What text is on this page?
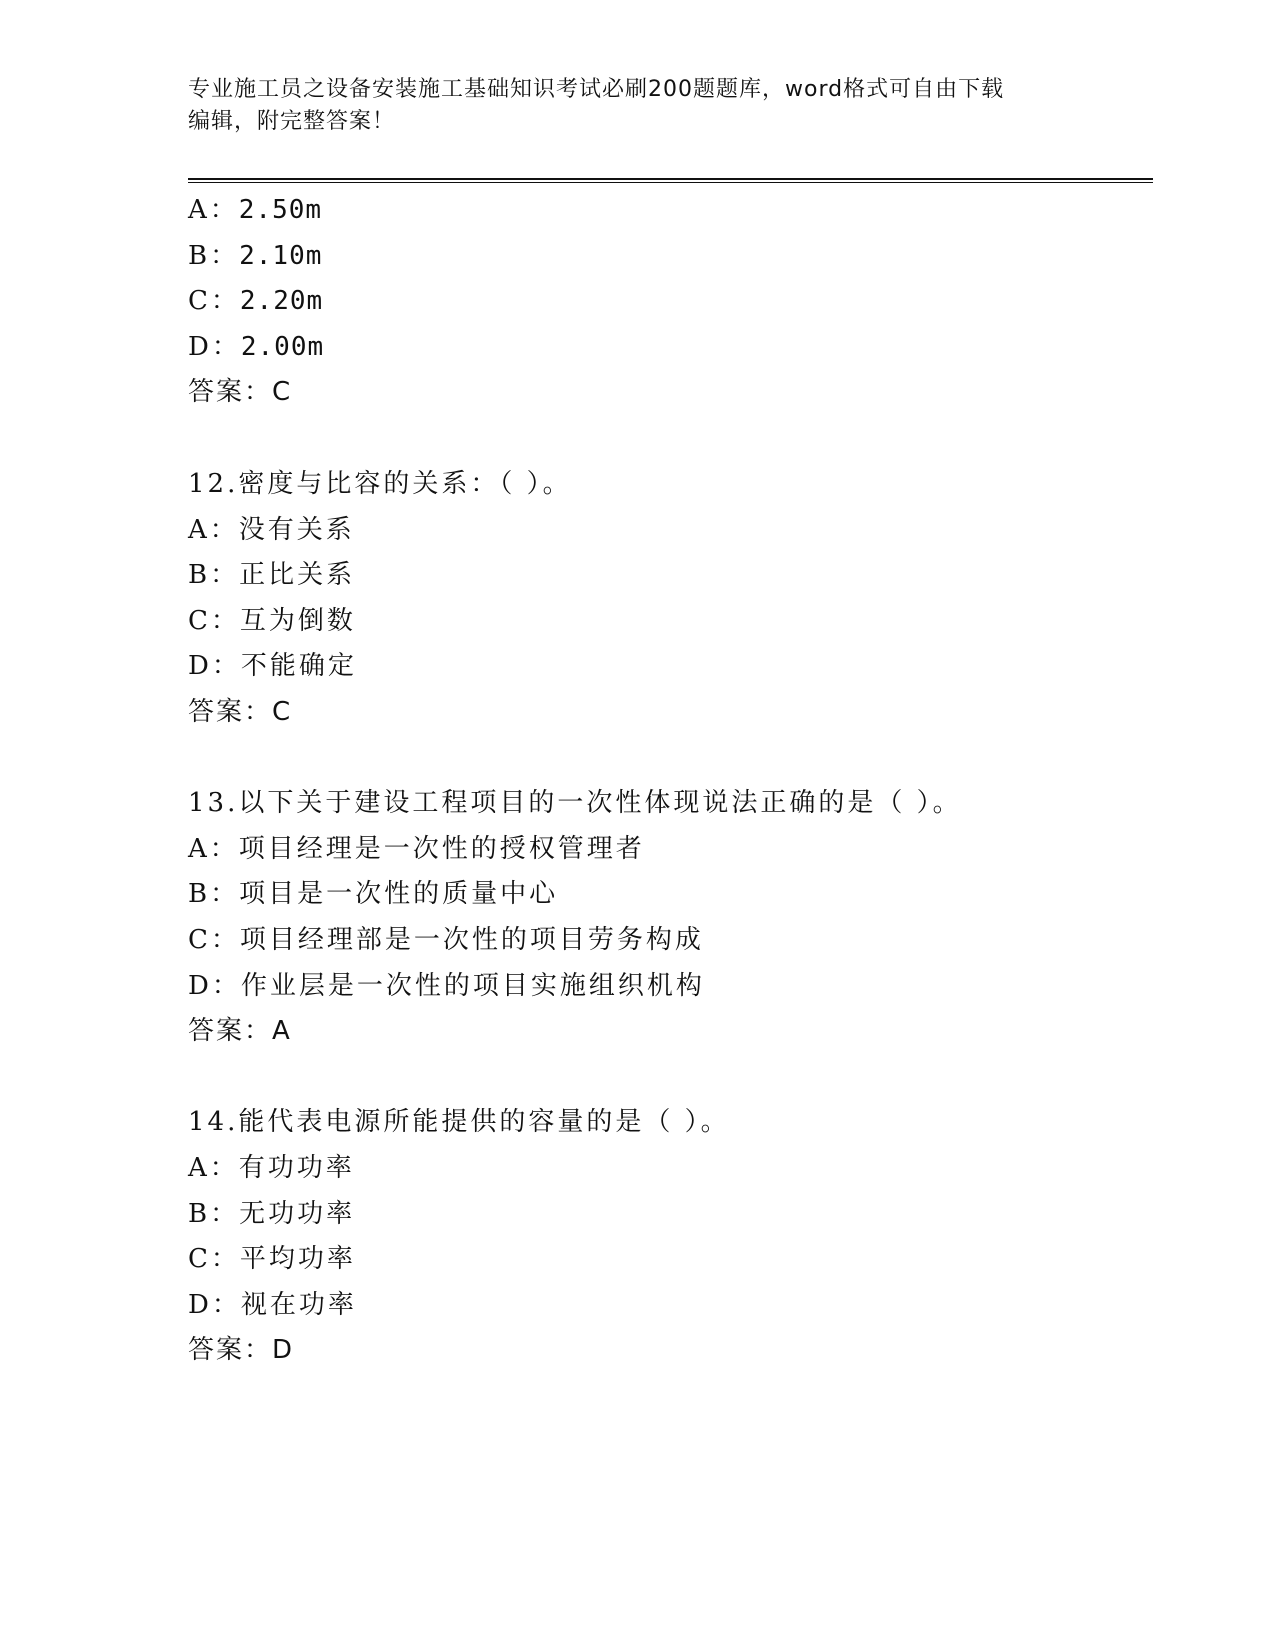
专业施工员之设备安装施工基础知识考试必刷200题题库，word格式可自由下载
编辑，附完整答案！
A：2.50m
B：2.10m
C：2.20m
D：2.00m
答案：C
12.密度与比容的关系：（ ）。
A：没有关系
B：正比关系
C：互为倒数
D：不能确定
答案：C
13.以下关于建设工程项目的一次性体现说法正确的是（ ）。
A：项目经理是一次性的授权管理者
B：项目是一次性的质量中心
C：项目经理部是一次性的项目劳务构成
D：作业层是一次性的项目实施组织机构
答案：A
14.能代表电源所能提供的容量的是（ ）。
A：有功功率
B：无功功率
C：平均功率
D：视在功率
答案：D
